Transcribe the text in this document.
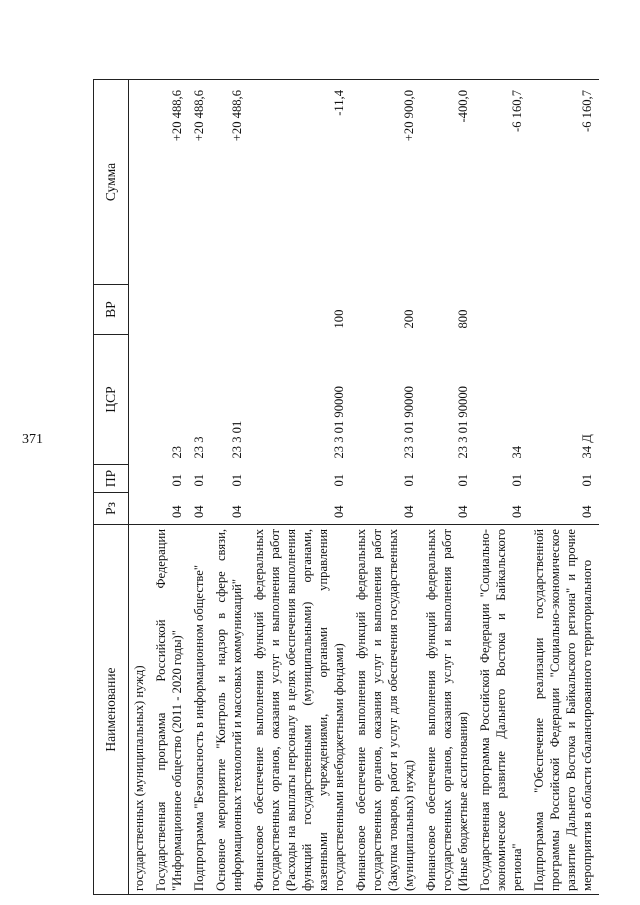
371
Наименование	Рз	ПР	ЦСР	ВР	Сумма
государственных (муниципальных) нужд)					
Государственная программа Российской Федерации "Информационное общество (2011 - 2020 годы)"	04	01	23		+20 488,6
Подпрограмма "Безопасность в информационном обществе"	04	01	23 3		+20 488,6
Основное мероприятие "Контроль и надзор в сфере связи, информационных технологий и массовых коммуникаций"	04	01	23 3 01		+20 488,6
Финансовое обеспечение выполнения функций федеральных государственных органов, оказания услуг и выполнения работ (Расходы на выплаты персоналу в целях обеспечения выполнения функций государственными (муниципальными) органами, казенными учреждениями, органами управления государственными внебюджетными фондами)	04	01	23 3 01 90000	100	-11,4
Финансовое обеспечение выполнения функций федеральных государственных органов, оказания услуг и выполнения работ (Закупка товаров, работ и услуг для обеспечения государственных (муниципальных) нужд)	04	01	23 3 01 90000	200	+20 900,0
Финансовое обеспечение выполнения функций федеральных государственных органов, оказания услуг и выполнения работ (Иные бюджетные ассигнования)	04	01	23 3 01 90000	800	-400,0
Государственная программа Российской Федерации "Социально-экономическое развитие Дальнего Востока и Байкальского региона"	04	01	34		-6 160,7
Подпрограмма "Обеспечение реализации государственной программы Российской Федерации "Социально-экономическое развитие Дальнего Востока и Байкальского региона" и прочие мероприятия в области сбалансированного территориального	04	01	34 Д		-6 160,7
